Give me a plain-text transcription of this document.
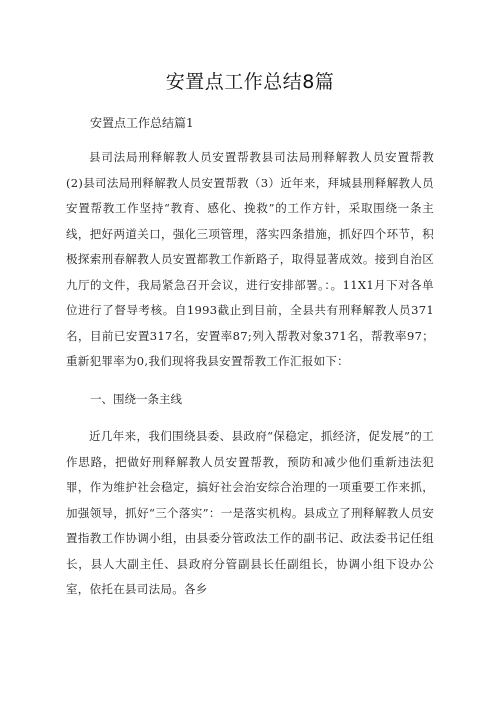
安置点工作总结8篇
安置点工作总结篇1

县司法局刑释解教人员安置帮教县司法局刑释解教人员安置帮教(2)县司法局刑释解教人员安置帮教（3）近年来，拜城县刑释解教人员安置帮教工作坚持“教育、感化、挽救”的工作方针，采取围绕一条主线，把好两道关口，强化三项管理，落实四条措施，抓好四个环节，积极探索刑春解教人员安置都教工作新路子，取得显著成效。接到自治区九厅的文件，我局紧急召开会议，进行安排部署。：。11X1月下对各单位进行了督导考核。自1993截止到目前，全县共有刑释解教人员371名，目前已安置317名，安置率87;列入帮教对象371名，帮教率97；重新犯罪率为0,我们现将我县安置帮教工作汇报如下：

一、围绕一条主线

近几年来，我们围绕县委、县政府“保稳定，抓经济，促发展”的工作思路，把做好刑释解教人员安置帮教，预防和减少他们重新违法犯罪，作为维护社会稳定，搞好社会治安综合治理的一项重要工作来抓，加强领导，抓好“三个落实”：一是落实机构。县成立了刑释解教人员安置指教工作协调小组，由县委分管政法工作的副书记、政法委书记任组长，县人大副主任、县政府分管副县长任副组长，协调小组下设办公室，依托在县司法局。各乡
